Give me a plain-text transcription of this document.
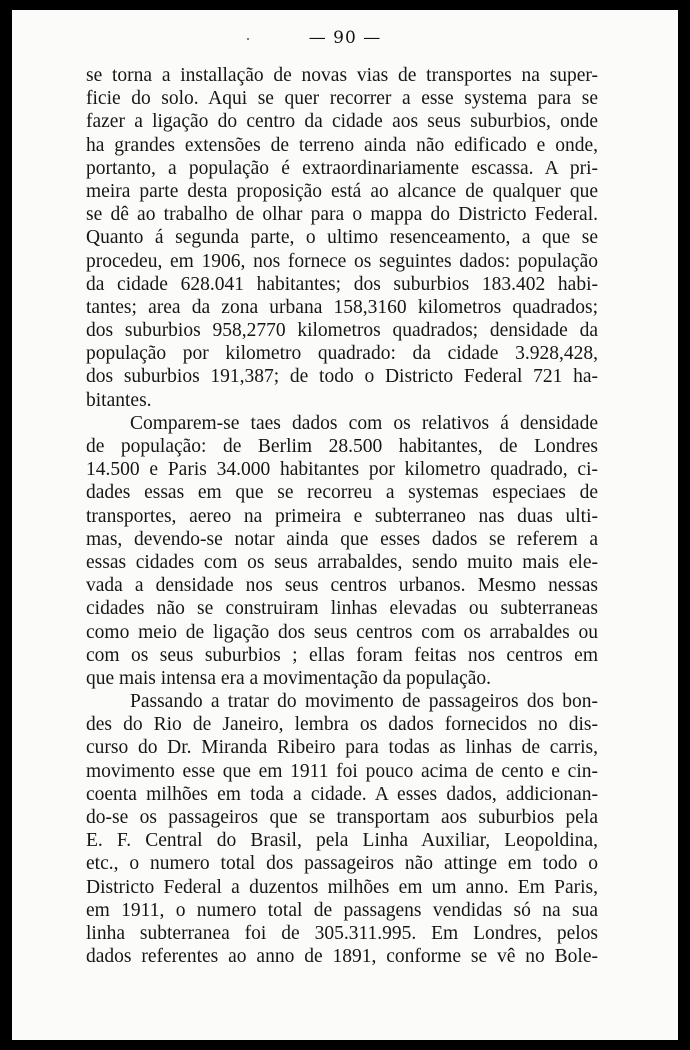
— 90 —
se torna a installação de novas vias de transportes na super-
ficie do solo. Aqui se quer recorrer a esse systema para se
fazer a ligação do centro da cidade aos seus suburbios, onde
ha grandes extensões de terreno ainda não edificado e onde,
portanto, a população é extraordinariamente escassa. A pri-
meira parte desta proposição está ao alcance de qualquer que
se dê ao trabalho de olhar para o mappa do Districto Federal.
Quanto á segunda parte, o ultimo resenceamento, a que se
procedeu, em 1906, nos fornece os seguintes dados: população
da cidade 628.041 habitantes; dos suburbios 183.402 habi-
tantes; area da zona urbana 158,3160 kilometros quadrados;
dos suburbios 958,2770 kilometros quadrados; densidade da
população por kilometro quadrado: da cidade 3.928,428,
dos suburbios 191,387; de todo o Districto Federal 721 ha-
bitantes.
Comparem-se taes dados com os relativos á densidade
de população: de Berlim 28.500 habitantes, de Londres
14.500 e Paris 34.000 habitantes por kilometro quadrado, ci-
dades essas em que se recorreu a systemas especiaes de
transportes, aereo na primeira e subterraneo nas duas ulti-
mas, devendo-se notar ainda que esses dados se referem a
essas cidades com os seus arrabaldes, sendo muito mais ele-
vada a densidade nos seus centros urbanos. Mesmo nessas
cidades não se construiram linhas elevadas ou subterraneas
como meio de ligação dos seus centros com os arrabaldes ou
com os seus suburbios ; ellas foram feitas nos centros em
que mais intensa era a movimentação da população.
Passando a tratar do movimento de passageiros dos bon-
des do Rio de Janeiro, lembra os dados fornecidos no dis-
curso do Dr. Miranda Ribeiro para todas as linhas de carris,
movimento esse que em 1911 foi pouco acima de cento e cin-
coenta milhões em toda a cidade. A esses dados, addicionan-
do-se os passageiros que se transportam aos suburbios pela
E. F. Central do Brasil, pela Linha Auxiliar, Leopoldina,
etc., o numero total dos passageiros não attinge em todo o
Districto Federal a duzentos milhões em um anno. Em Paris,
em 1911, o numero total de passagens vendidas só na sua
linha subterranea foi de 305.311.995. Em Londres, pelos
dados referentes ao anno de 1891, conforme se vê no Bole-
